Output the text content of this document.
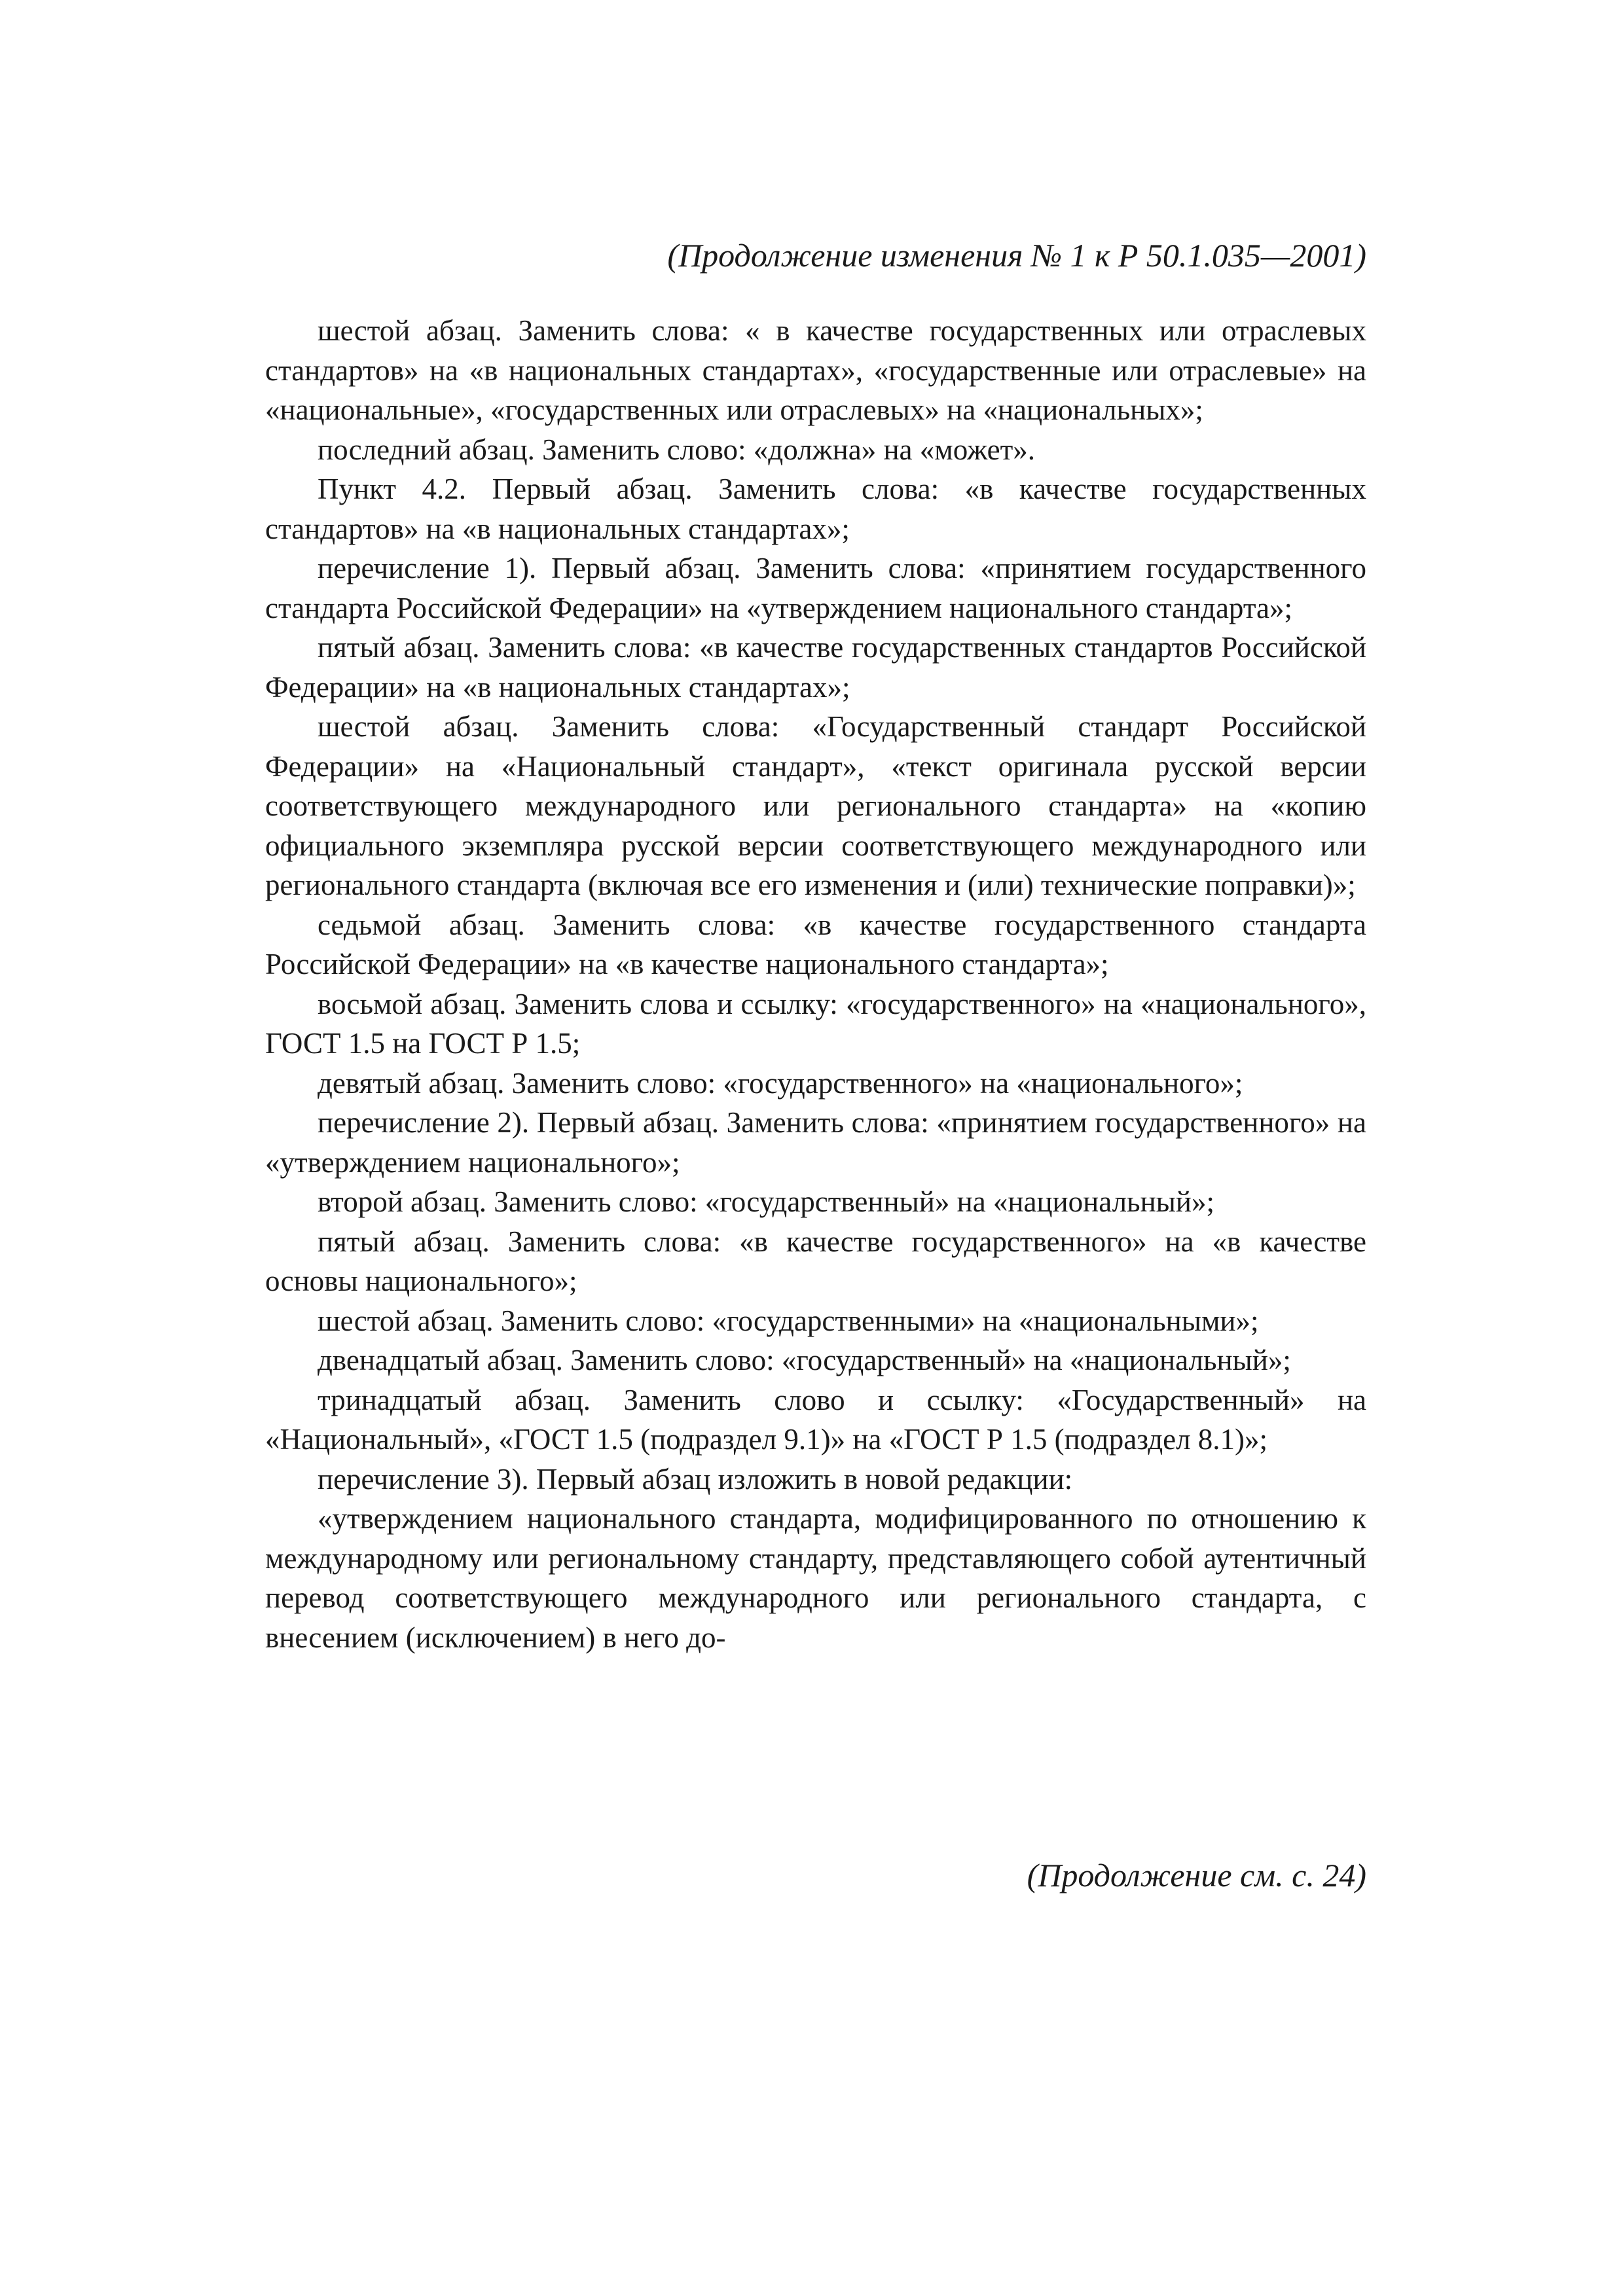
(Продолжение изменения № 1 к Р 50.1.035—2001)

шестой абзац. Заменить слова: « в качестве государственных или отраслевых стандартов» на «в национальных стандартах», «государственные или отраслевые» на «национальные», «государственных или отраслевых» на «национальных»;

последний абзац. Заменить слово: «должна» на «может».

Пункт 4.2. Первый абзац. Заменить слова: «в качестве государственных стандартов» на «в национальных стандартах»;

перечисление 1). Первый абзац. Заменить слова: «принятием государственного стандарта Российской Федерации» на «утверждением национального стандарта»;

пятый абзац. Заменить слова: «в качестве государственных стандартов Российской Федерации» на «в национальных стандартах»;

шестой абзац. Заменить слова: «Государственный стандарт Российской Федерации» на «Национальный стандарт», «текст оригинала русской версии соответствующего международного или регионального стандарта» на «копию официального экземпляра русской версии соответствующего международного или регионального стандарта (включая все его изменения и (или) технические поправки)»;

седьмой абзац. Заменить слова: «в качестве государственного стандарта Российской Федерации» на «в качестве национального стандарта»;

восьмой абзац. Заменить слова и ссылку: «государственного» на «национального», ГОСТ 1.5 на ГОСТ Р 1.5;

девятый абзац. Заменить слово: «государственного» на «национального»;

перечисление 2). Первый абзац. Заменить слова: «принятием государственного» на «утверждением национального»;

второй абзац. Заменить слово: «государственный» на «национальный»;

пятый абзац. Заменить слова: «в качестве государственного» на «в качестве основы национального»;

шестой абзац. Заменить слово: «государственными» на «национальными»;

двенадцатый абзац. Заменить слово: «государственный» на «национальный»;

тринадцатый абзац. Заменить слово и ссылку: «Государственный» на «Национальный», «ГОСТ 1.5 (подраздел 9.1)» на «ГОСТ Р 1.5 (подраздел 8.1)»;

перечисление 3). Первый абзац изложить в новой редакции:

«утверждением национального стандарта, модифицированного по отношению к международному или региональному стандарту, представляющего собой аутентичный перевод соответствующего международного или регионального стандарта, с внесением (исключением) в него до-

(Продолжение см. с. 24)
